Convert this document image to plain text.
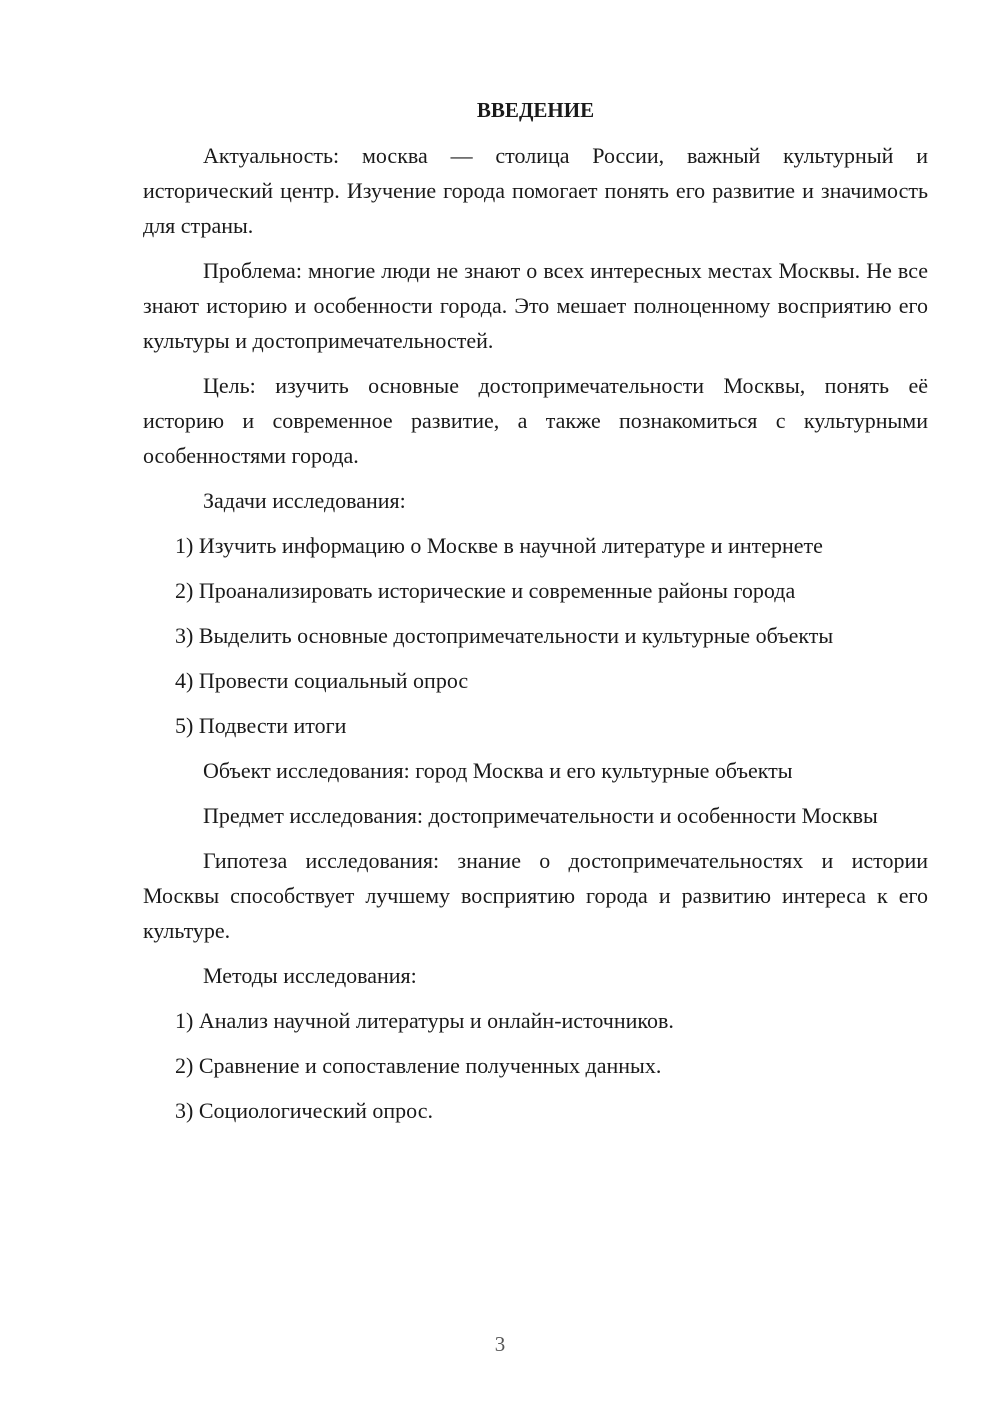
ВВЕДЕНИЕ

Актуальность: москва — столица России, важный культурный и исторический центр. Изучение города помогает понять его развитие и значимость для страны.

Проблема: многие люди не знают о всех интересных местах Москвы. Не все знают историю и особенности города. Это мешает полноценному восприятию его культуры и достопримечательностей.

Цель: изучить основные достопримечательности Москвы, понять её историю и современное развитие, а также познакомиться с культурными особенностями города.

Задачи исследования:

1) Изучить информацию о Москве в научной литературе и интернете
2) Проанализировать исторические и современные районы города
3) Выделить основные достопримечательности и культурные объекты
4) Провести социальный опрос
5) Подвести итоги

Объект исследования: город Москва и его культурные объекты

Предмет исследования: достопримечательности и особенности Москвы

Гипотеза исследования: знание о достопримечательностях и истории Москвы способствует лучшему восприятию города и развитию интереса к его культуре.

Методы исследования:

1) Анализ научной литературы и онлайн-источников.
2) Сравнение и сопоставление полученных данных.
3) Социологический опрос.
3
